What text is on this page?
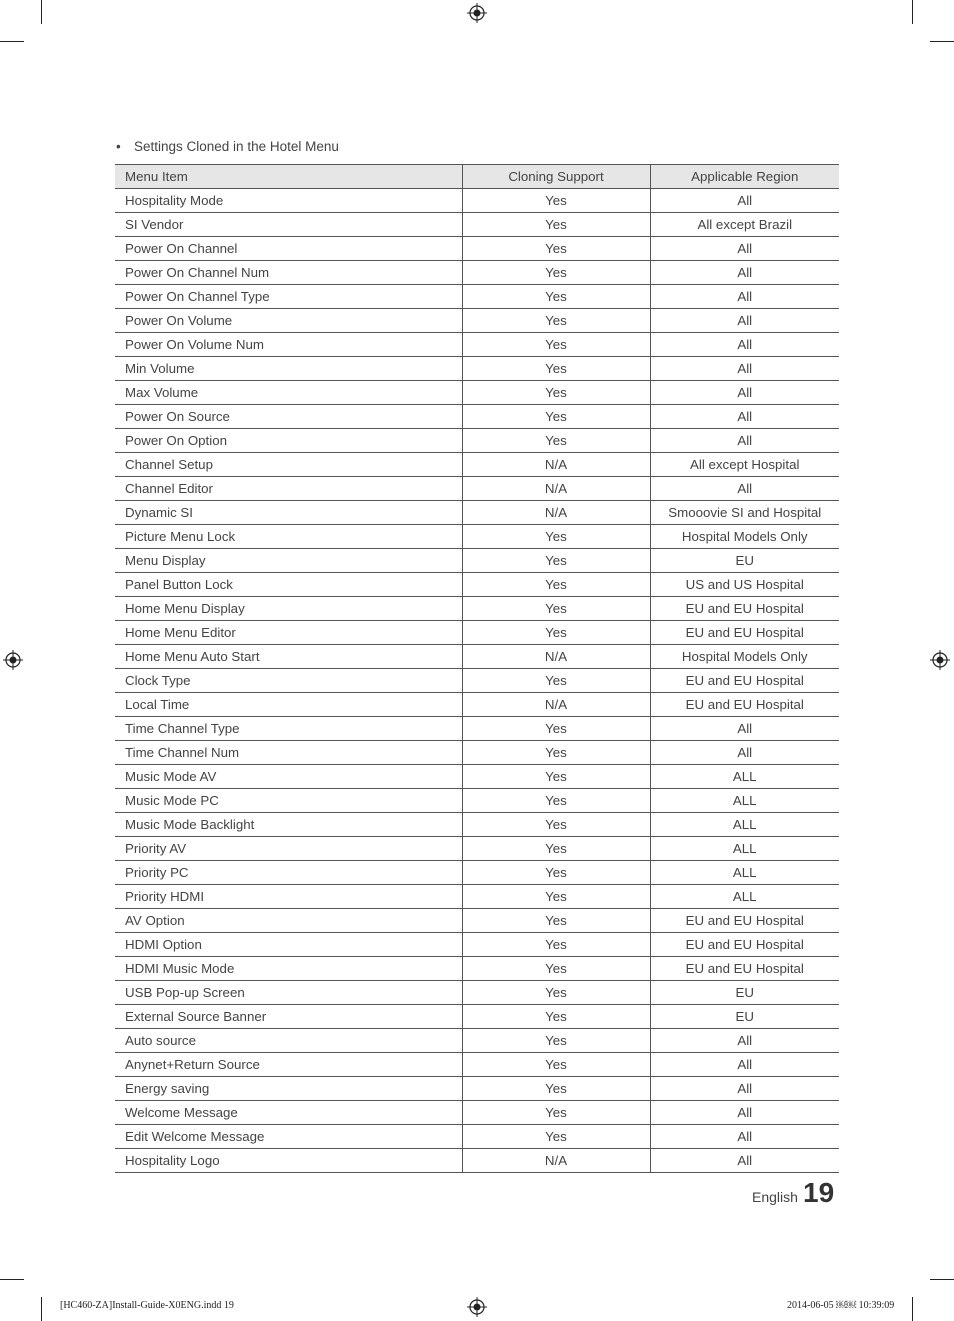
• Settings Cloned in the Hotel Menu
Menu Item	Cloning Support	Applicable Region
Hospitality Mode	Yes	All
SI Vendor	Yes	All except Brazil
Power On Channel	Yes	All
Power On Channel Num	Yes	All
Power On Channel Type	Yes	All
Power On Volume	Yes	All
Power On Volume Num	Yes	All
Min Volume	Yes	All
Max Volume	Yes	All
Power On Source	Yes	All
Power On Option	Yes	All
Channel Setup	N/A	All except Hospital
Channel Editor	N/A	All
Dynamic SI	N/A	Smooovie SI and Hospital
Picture Menu Lock	Yes	Hospital Models Only
Menu Display	Yes	EU
Panel Button Lock	Yes	US and US Hospital
Home Menu Display	Yes	EU and EU Hospital
Home Menu Editor	Yes	EU and EU Hospital
Home Menu Auto Start	N/A	Hospital Models Only
Clock Type	Yes	EU and EU Hospital
Local Time	N/A	EU and EU Hospital
Time Channel Type	Yes	All
Time Channel Num	Yes	All
Music Mode AV	Yes	ALL
Music Mode PC	Yes	ALL
Music Mode Backlight	Yes	ALL
Priority AV	Yes	ALL
Priority PC	Yes	ALL
Priority HDMI	Yes	ALL
AV Option	Yes	EU and EU Hospital
HDMI Option	Yes	EU and EU Hospital
HDMI Music Mode	Yes	EU and EU Hospital
USB Pop-up Screen	Yes	EU
External Source Banner	Yes	EU
Auto source	Yes	All
Anynet+Return Source	Yes	All
Energy saving	Yes	All
Welcome Message	Yes	All
Edit Welcome Message	Yes	All
Hospitality Logo	N/A	All
English 19
[HC460-ZA]Install-Guide-X0ENG.indd 19	2014-06-05 ￼￼ 10:39:09
